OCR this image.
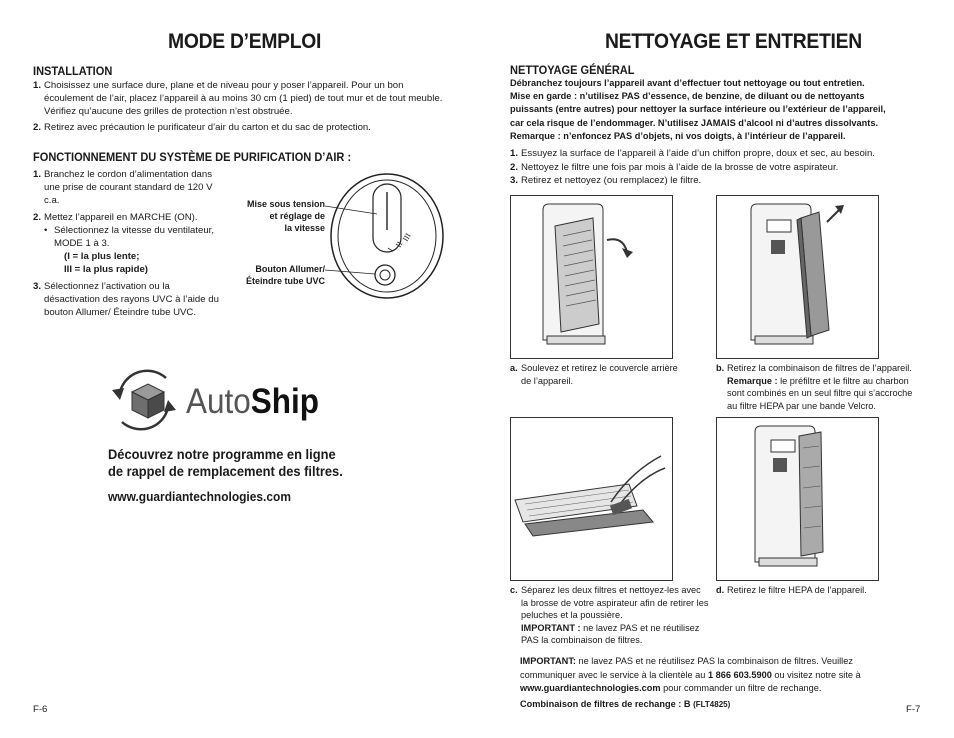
MODE D’EMPLOI
INSTALLATION
1. Choisissez une surface dure, plane et de niveau pour y poser l’appareil. Pour un bon écoulement de l’air, placez l’appareil à au moins 30 cm (1 pied) de tout mur et de tout meuble. Vérifiez qu’aucune des grilles de protection n’est obstruée.
2. Retirez avec précaution le purificateur d’air du carton et du sac de protection.
FONCTIONNEMENT DU SYSTÈME DE PURIFICATION D’AIR :
1. Branchez le cordon d’alimentation dans une prise de courant standard de 120 V c.a.
2. Mettez l’appareil en MARCHE (ON).
• Sélectionnez la vitesse du ventilateur, MODE 1 à 3.
(I = la plus lente;
III = la plus rapide)
3. Sélectionnez l’activation ou la désactivation des rayons UVC à l’aide du bouton Allumer/ Éteindre tube UVC.
Mise sous tension
et réglage de
la vitesse
Bouton Allumer/
Éteindre tube UVC
I
II
III
AutoShip
Découvrez notre programme en ligne
de rappel de remplacement des filtres.
www.guardiantechnologies.com
F-6
NETTOYAGE ET ENTRETIEN
NETTOYAGE GÉNÉRAL
Débranchez toujours l’appareil avant d’effectuer tout nettoyage ou tout entretien.
Mise en garde : n’utilisez PAS d’essence, de benzine, de diluant ou de nettoyants
puissants (entre autres) pour nettoyer la surface intérieure ou l’extérieur de l’appareil,
car cela risque de l’endommager. N’utilisez JAMAIS d’alcool ni d’autres dissolvants.
Remarque : n’enfoncez PAS d’objets, ni vos doigts, à l’intérieur de l’appareil.
1. Essuyez la surface de l’appareil à l’aide d’un chiffon propre, doux et sec, au besoin.
2. Nettoyez le filtre une fois par mois à l’aide de la brosse de votre aspirateur.
3. Retirez et nettoyez (ou remplacez) le filtre.
a. Soulevez et retirez le couvercle arrière de l’appareil.
b. Retirez la combinaison de filtres de l’appareil.
Remarque : le préfiltre et le filtre au charbon sont combinés en un seul filtre qui s’accroche au filtre HEPA par une bande Velcro.
c. Séparez les deux filtres et nettoyez-les avec la brosse de votre aspirateur afin de retirer les peluches et la poussière.
IMPORTANT : ne lavez PAS et ne réutilisez PAS la combinaison de filtres.
d. Retirez le filtre HEPA de l’appareil.
IMPORTANT: ne lavez PAS et ne réutilisez PAS la combinaison de filtres. Veuillez communiquer avec le service à la clientèle au 1 866 603.5900 ou visitez notre site à www.guardiantechnologies.com pour commander un filtre de rechange.
Combinaison de filtres de rechange : B (FLT4825)	F-7
